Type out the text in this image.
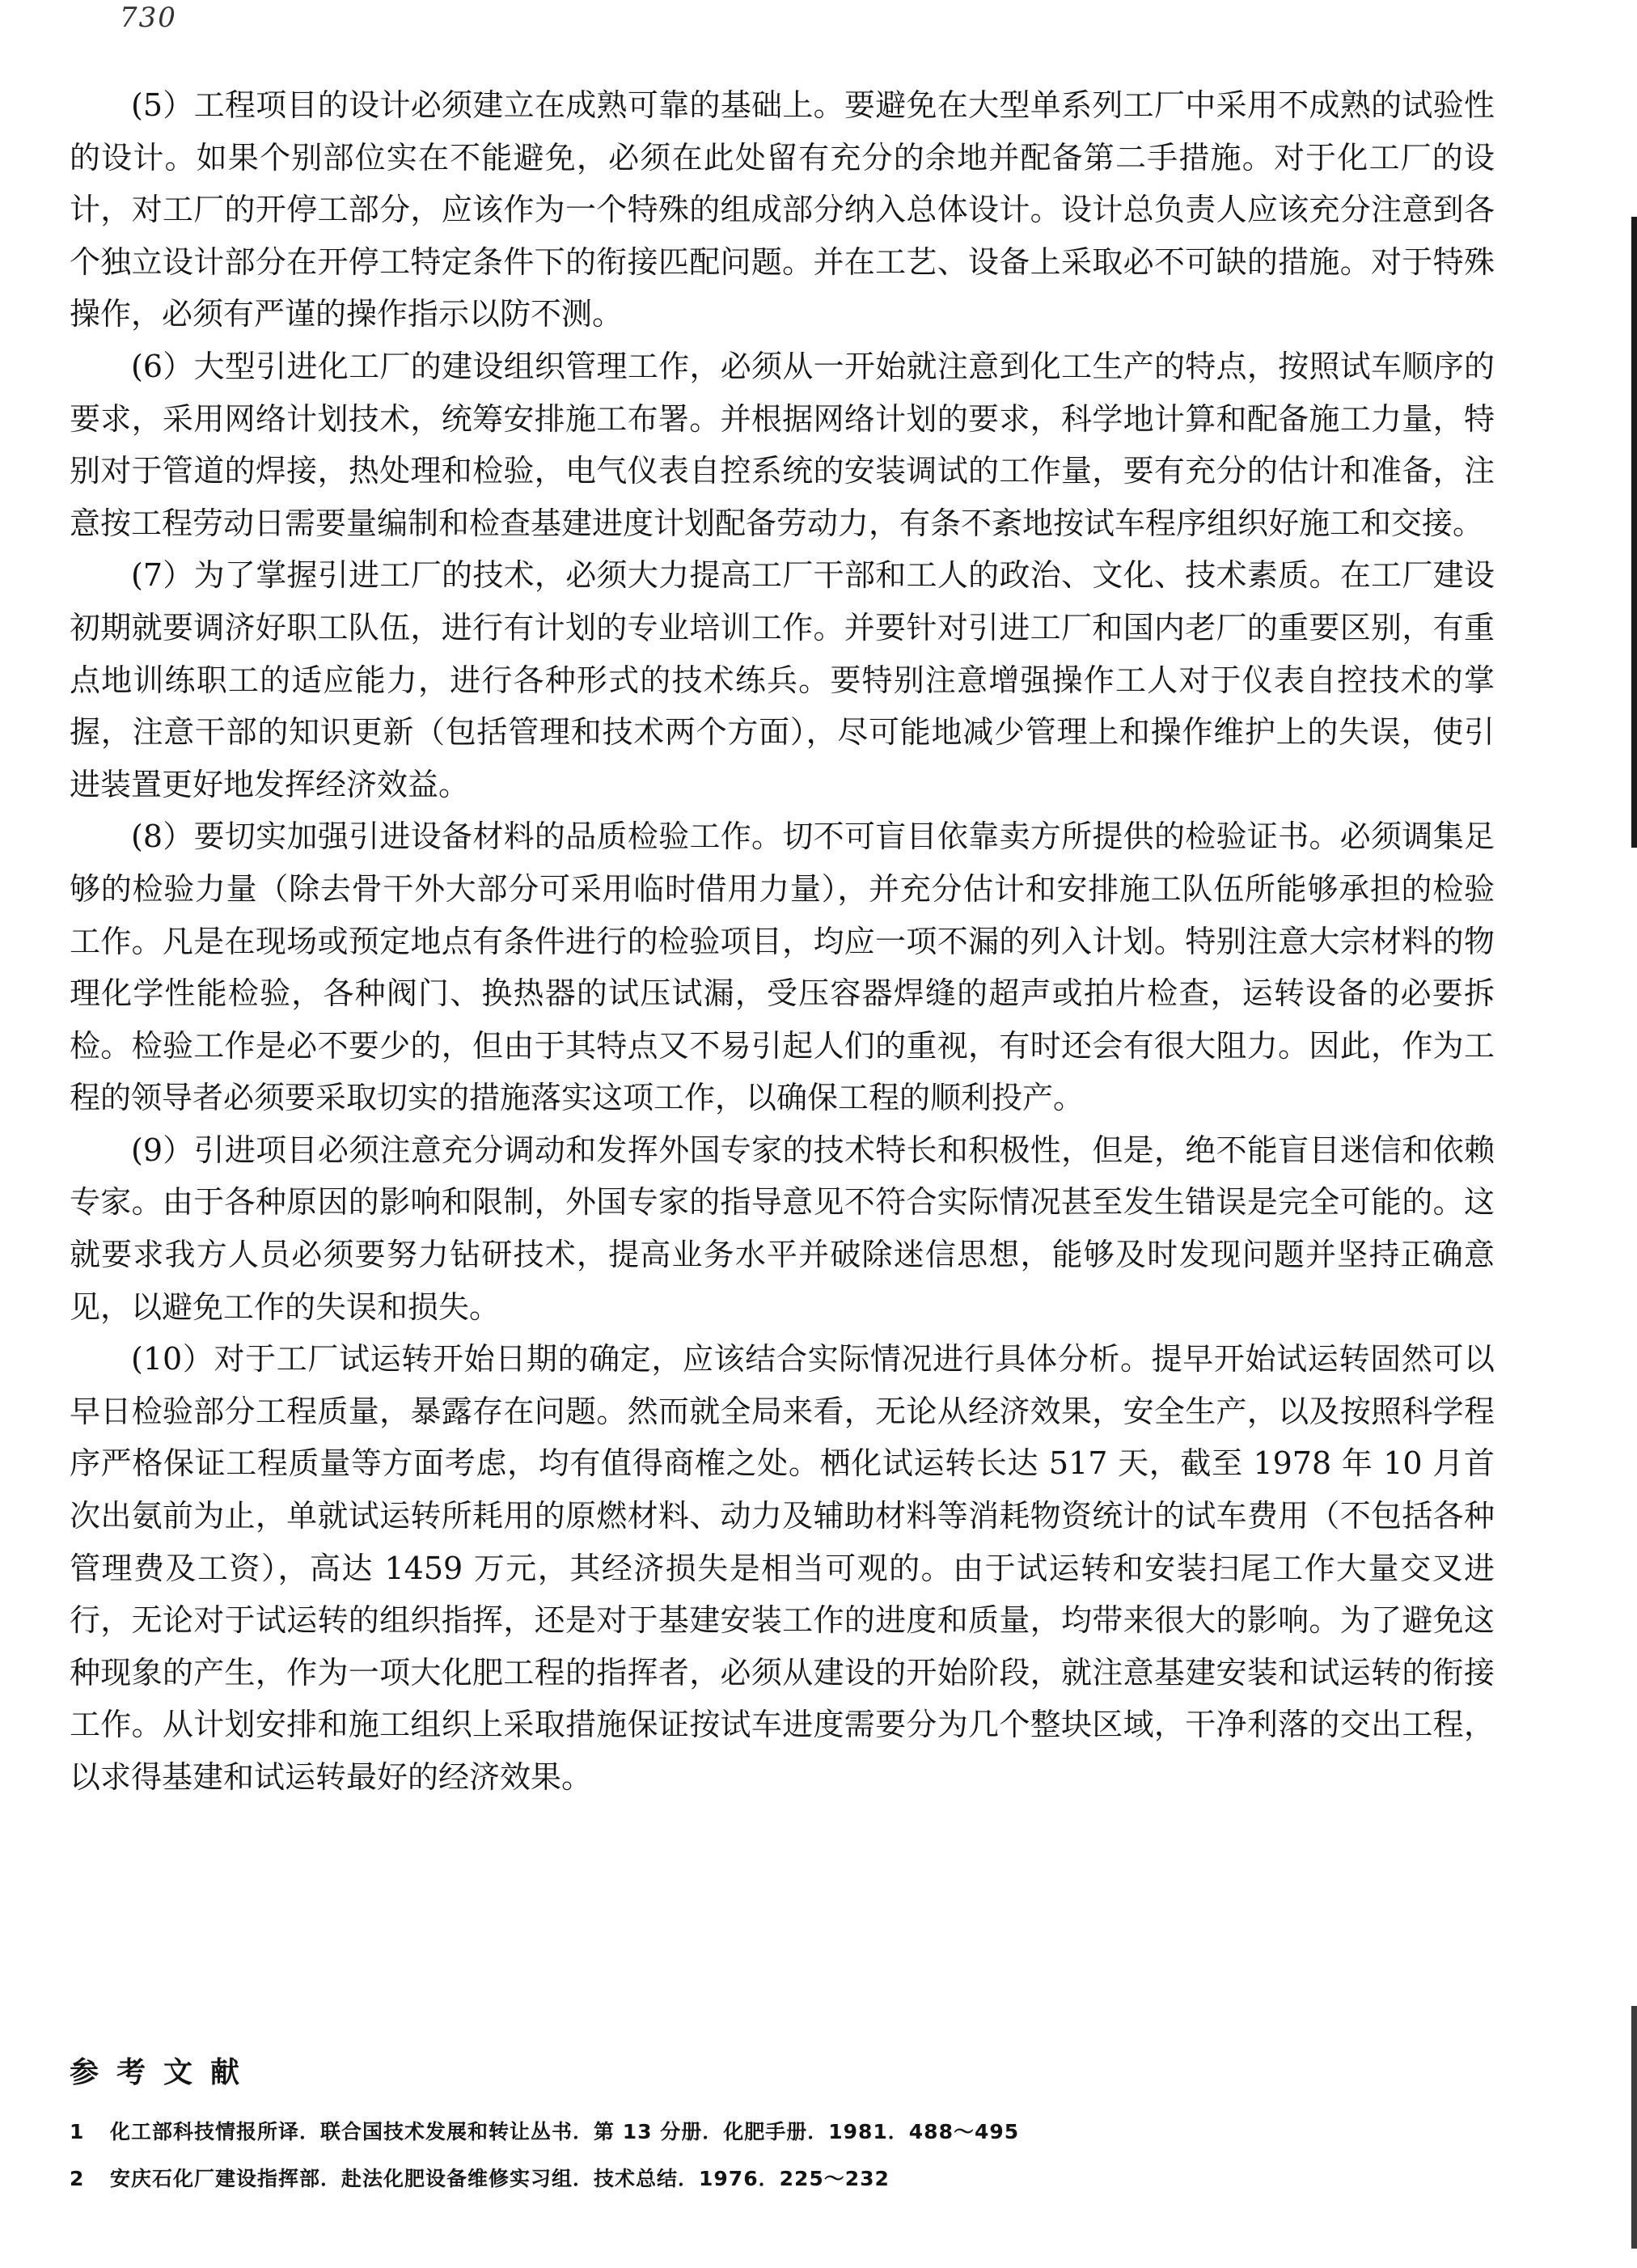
730

(5）工程项目的设计必须建立在成熟可靠的基础上。要避免在大型单系列工厂中采用不成熟的试验性的设计。如果个别部位实在不能避免，必须在此处留有充分的余地并配备第二手措施。对于化工厂的设计，对工厂的开停工部分，应该作为一个特殊的组成部分纳入总体设计。设计总负责人应该充分注意到各个独立设计部分在开停工特定条件下的衔接匹配问题。并在工艺、设备上采取必不可缺的措施。对于特殊操作，必须有严谨的操作指示以防不测。

(6）大型引进化工厂的建设组织管理工作，必须从一开始就注意到化工生产的特点，按照试车顺序的要求，采用网络计划技术，统筹安排施工布署。并根据网络计划的要求，科学地计算和配备施工力量，特别对于管道的焊接，热处理和检验，电气仪表自控系统的安装调试的工作量，要有充分的估计和准备，注意按工程劳动日需要量编制和检查基建进度计划配备劳动力，有条不紊地按试车程序组织好施工和交接。

(7）为了掌握引进工厂的技术，必须大力提高工厂干部和工人的政治、文化、技术素质。在工厂建设初期就要调济好职工队伍，进行有计划的专业培训工作。并要针对引进工厂和国内老厂的重要区别，有重点地训练职工的适应能力，进行各种形式的技术练兵。要特别注意增强操作工人对于仪表自控技术的掌握，注意干部的知识更新（包括管理和技术两个方面），尽可能地减少管理上和操作维护上的失误，使引进装置更好地发挥经济效益。

(8）要切实加强引进设备材料的品质检验工作。切不可盲目依靠卖方所提供的检验证书。必须调集足够的检验力量（除去骨干外大部分可采用临时借用力量），并充分估计和安排施工队伍所能够承担的检验工作。凡是在现场或预定地点有条件进行的检验项目，均应一项不漏的列入计划。特别注意大宗材料的物理化学性能检验，各种阀门、换热器的试压试漏，受压容器焊缝的超声或拍片检查，运转设备的必要拆检。检验工作是必不要少的，但由于其特点又不易引起人们的重视，有时还会有很大阻力。因此，作为工程的领导者必须要采取切实的措施落实这项工作，以确保工程的顺利投产。

(9）引进项目必须注意充分调动和发挥外国专家的技术特长和积极性，但是，绝不能盲目迷信和依赖专家。由于各种原因的影响和限制，外国专家的指导意见不符合实际情况甚至发生错误是完全可能的。这就要求我方人员必须要努力钻研技术，提高业务水平并破除迷信思想，能够及时发现问题并坚持正确意见，以避免工作的失误和损失。

(10）对于工厂试运转开始日期的确定，应该结合实际情况进行具体分析。提早开始试运转固然可以早日检验部分工程质量，暴露存在问题。然而就全局来看，无论从经济效果，安全生产，以及按照科学程序严格保证工程质量等方面考虑，均有值得商榷之处。栖化试运转长达 517 天，截至 1978 年 10 月首次出氨前为止，单就试运转所耗用的原燃材料、动力及辅助材料等消耗物资统计的试车费用（不包括各种管理费及工资），高达 1459 万元，其经济损失是相当可观的。由于试运转和安装扫尾工作大量交叉进行，无论对于试运转的组织指挥，还是对于基建安装工作的进度和质量，均带来很大的影响。为了避免这种现象的产生，作为一项大化肥工程的指挥者，必须从建设的开始阶段，就注意基建安装和试运转的衔接工作。从计划安排和施工组织上采取措施保证按试车进度需要分为几个整块区域，干净利落的交出工程，以求得基建和试运转最好的经济效果。

参考文献
1	化工部科技情报所译．联合国技术发展和转让丛书．第 13 分册．化肥手册．1981．488～495
2	安庆石化厂建设指挥部．赴法化肥设备维修实习组．技术总结．1976．225～232
